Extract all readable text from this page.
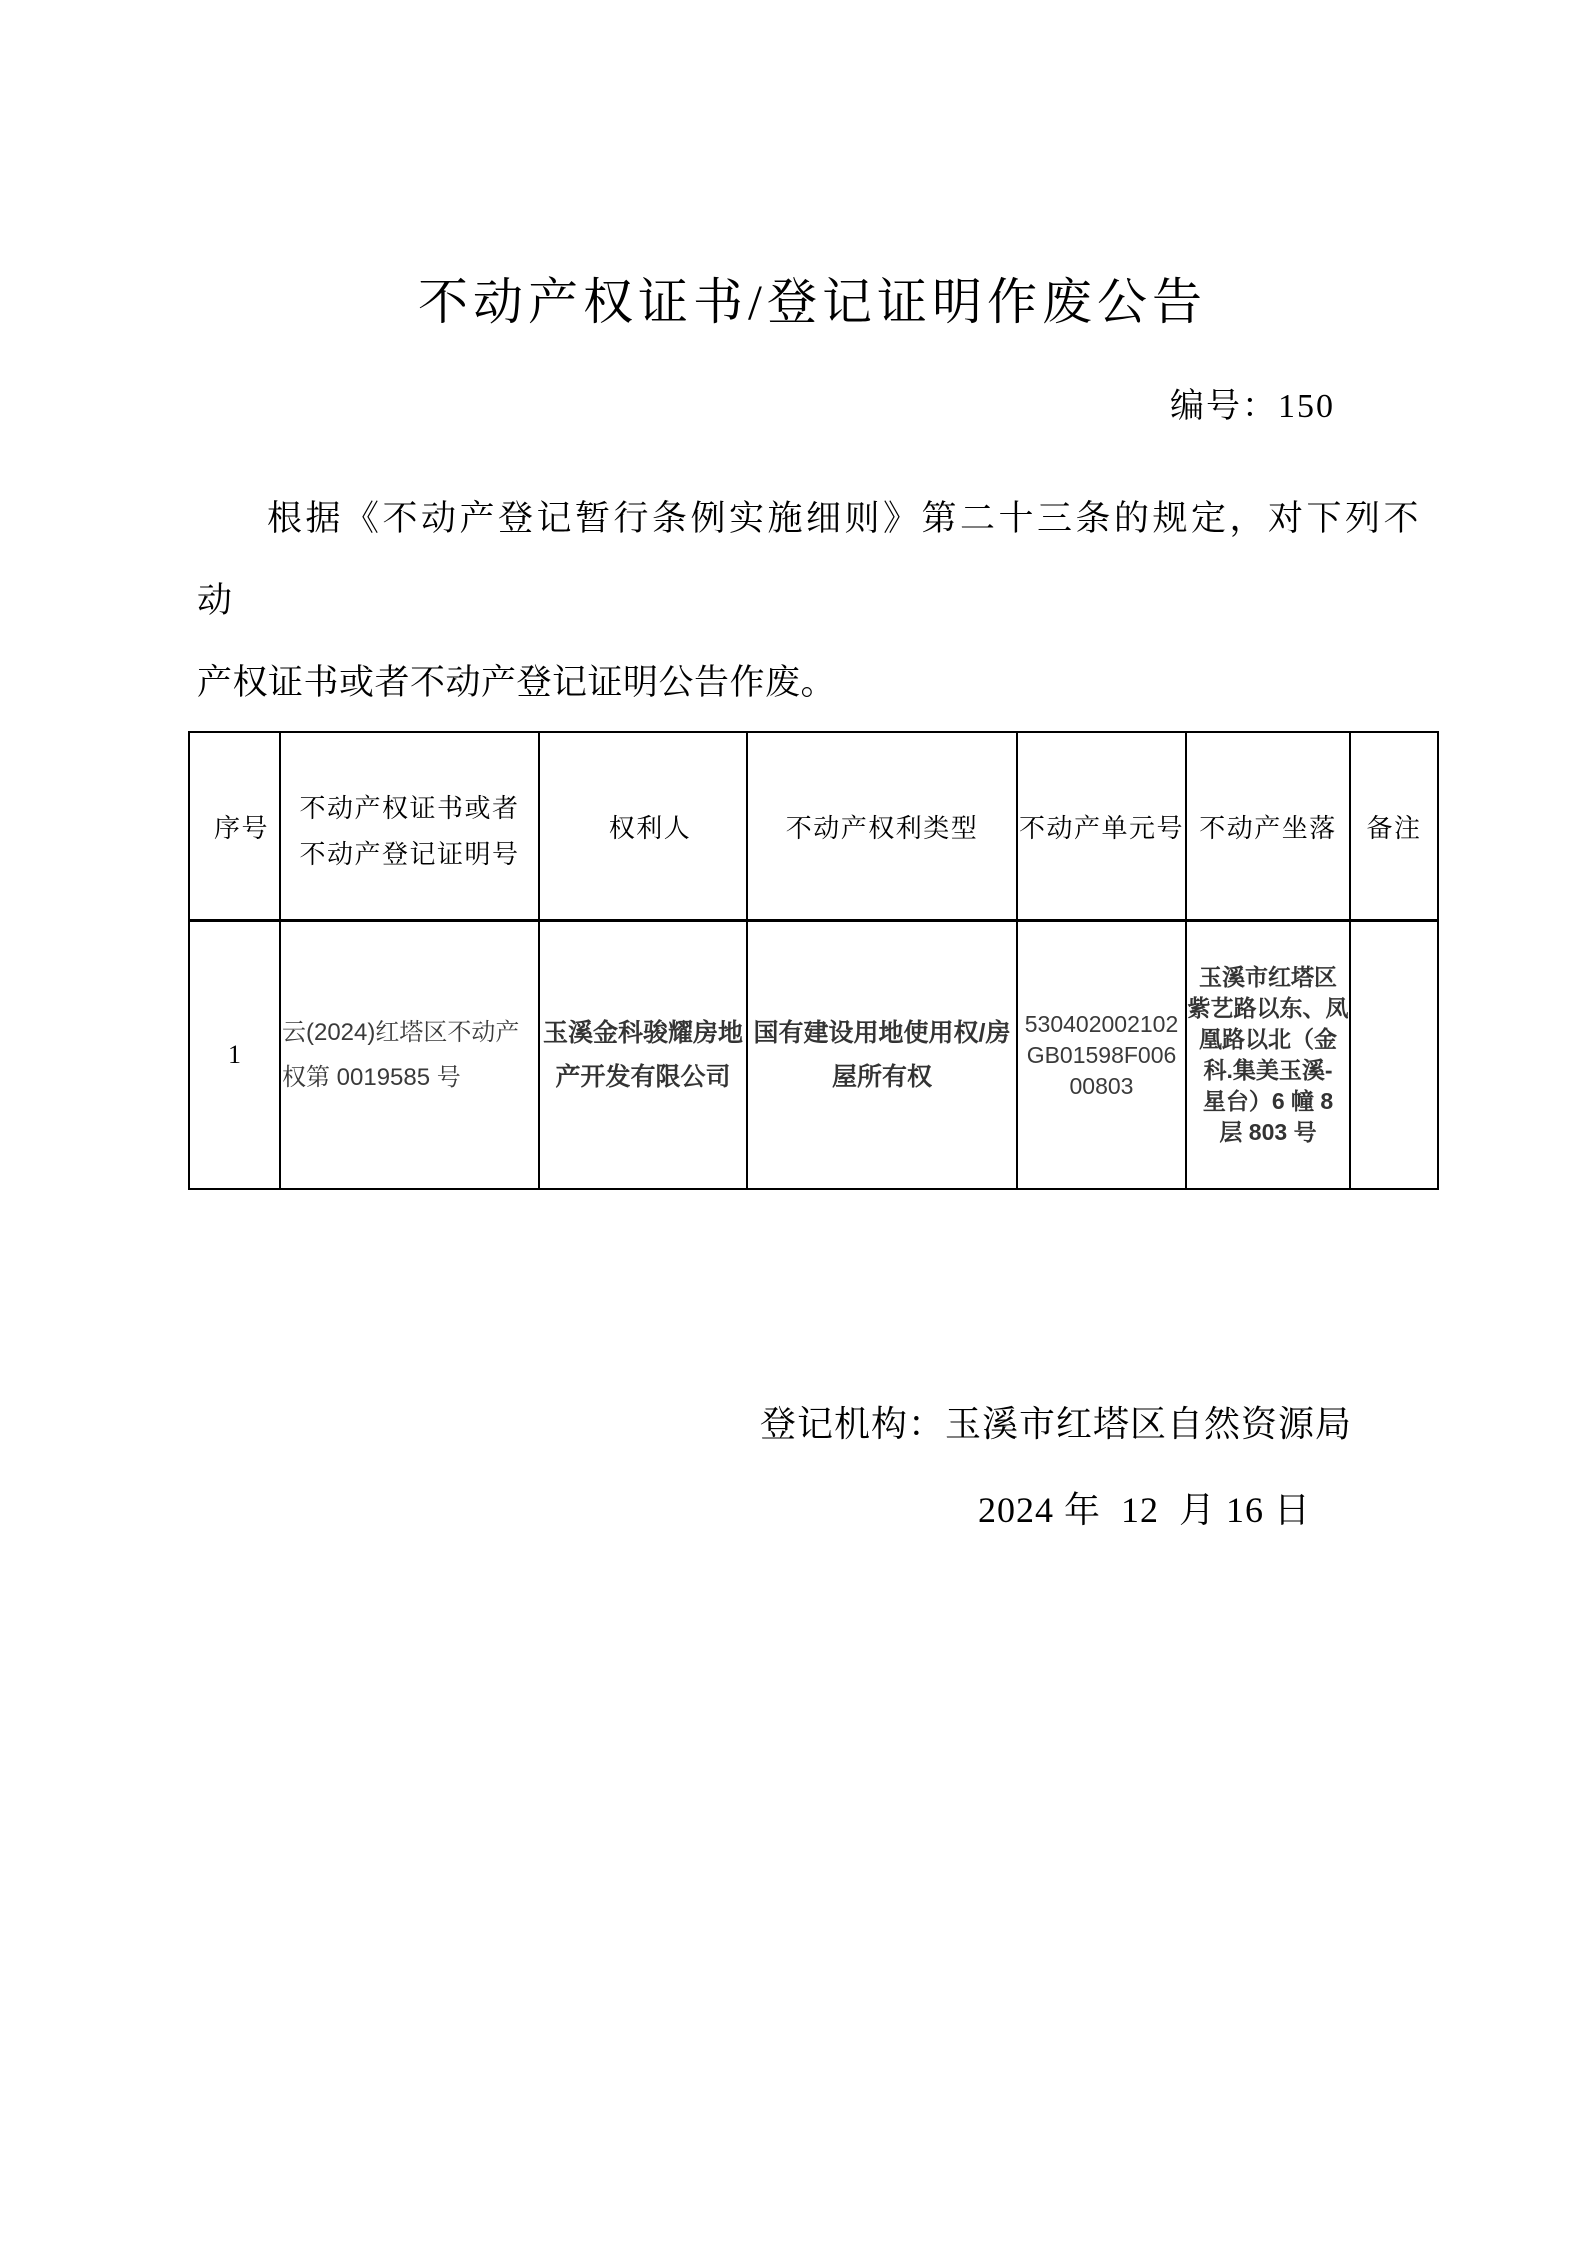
不动产权证书/登记证明作废公告
编号：150
根据《不动产登记暂行条例实施细则》第二十三条的规定，对下列不动
产权证书或者不动产登记证明公告作废。
序号	不动产权证书或者
不动产登记证明号	权利人	不动产权利类型	不动产单元号	不动产坐落	备注
1	云(2024)红塔区不动产
权第 0019585 号	玉溪金科骏耀房地
产开发有限公司	国有建设用地使用权/房
屋所有权	530402002102
GB01598F006
00803	玉溪市红塔区
紫艺路以东、凤
凰路以北（金
科.集美玉溪-
星台）6 幢 8
层 803 号	
登记机构：玉溪市红塔区自然资源局
2024 年  12  月 16 日
